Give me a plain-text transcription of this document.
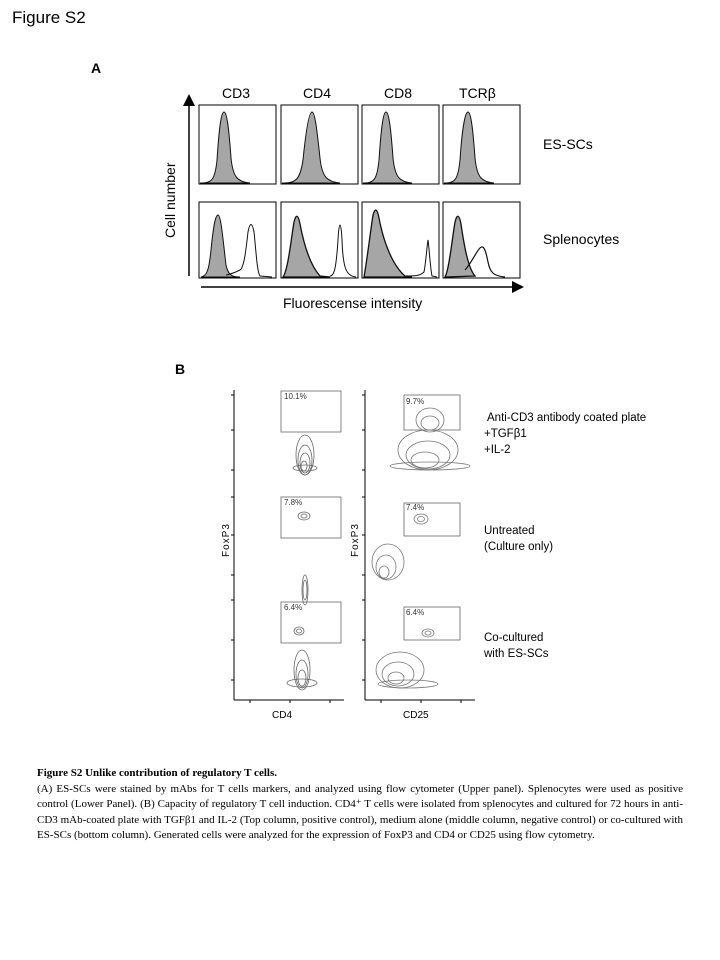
Figure S2
A
CD3	CD4	CD8	TCRβ
ES-SCs
Splenocytes
Cell number
Fluorescense intensity
B
10.1%
7.8%
6.4%
9.7%
7.4%
6.4%
FoxP3	FoxP3
CD4	CD25
Anti-CD3 antibody coated plate
+TGFβ1
+IL-2
Untreated
(Culture only)
Co-cultured
with ES-SCs
Figure S2 Unlike contribution of regulatory T cells.
(A) ES-SCs were stained by mAbs for T cells markers, and analyzed using flow cytometer (Upper panel). Splenocytes were used as positive control (Lower Panel). (B) Capacity of regulatory T cell induction. CD4⁺ T cells were isolated from splenocytes and cultured for 72 hours in anti-CD3 mAb-coated plate with TGFβ1 and IL-2 (Top column, positive control), medium alone (middle column, negative control) or co-cultured with ES-SCs (bottom column). Generated cells were analyzed for the expression of FoxP3 and CD4 or CD25 using flow cytometry.
